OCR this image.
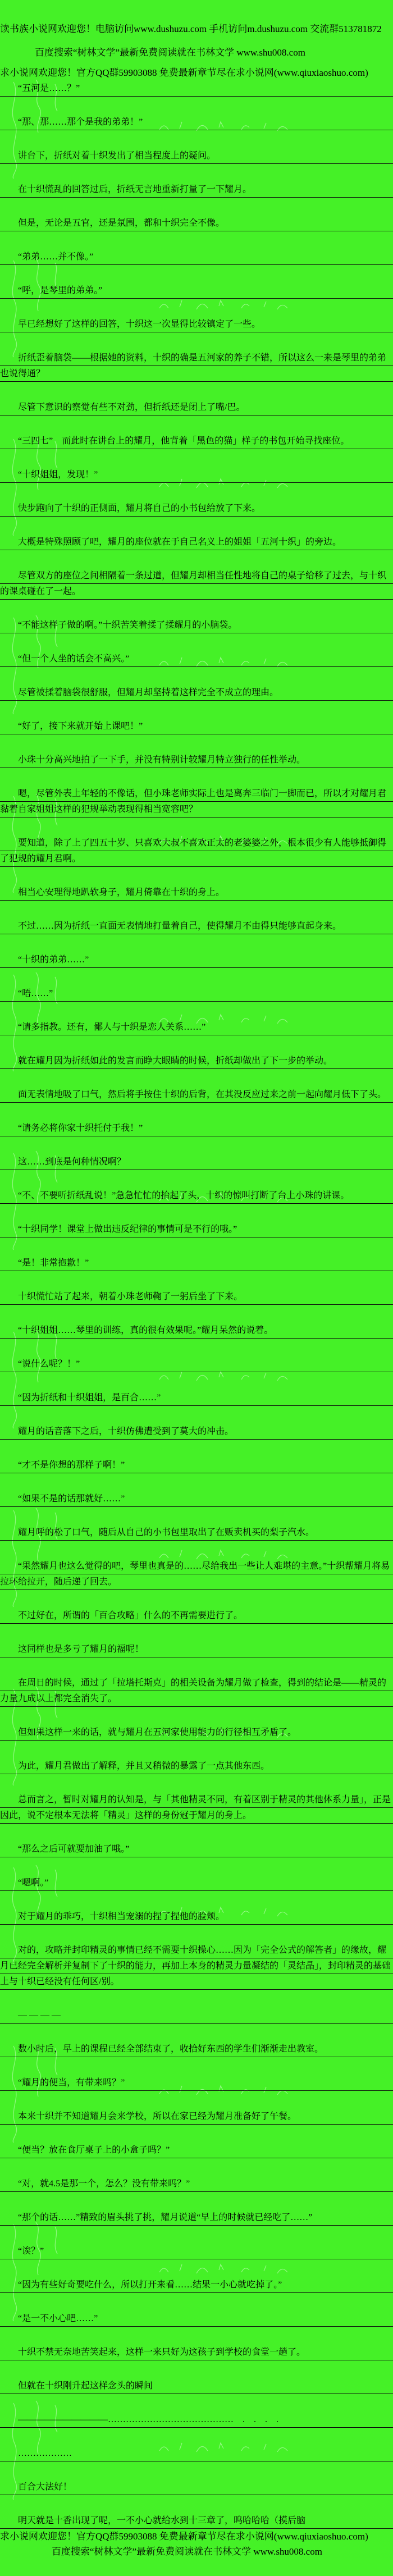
读书族小说网欢迎您！电脑访问www.dushuzu.com 手机访问m.dushuzu.com 交流群513781872
百度搜索“树林文学”最新免费阅读就在书林文学 www.shu008.com
求小说网欢迎您！官方QQ群59903088 免费最新章节尽在求小说网(www.qiuxiaoshuo.com)

“五河是……？”

“那、那……那个是我的弟弟！”

讲台下，折纸对着十织发出了相当程度上的疑问。

在十织慌乱的回答过后，折纸无言地重新打量了一下耀月。

但是，无论是五官，还是氛围，都和十织完全不像。

“弟弟……并不像。”

“呼，是琴里的弟弟。”

早已经想好了这样的回答，十织这一次显得比较镇定了一些。

折纸歪着脑袋——根据她的资料，十织的确是五河家的养子不错，所以这么一来是琴里的弟弟也说得通？

尽管下意识的察觉有些不对劲，但折纸还是闭上了嘴/巴。

“三四七”　而此时在讲台上的耀月，他背着「黑色的猫」样子的书包开始寻找座位。

“十织姐姐，发现！”

快步跑向了十织的正侧面，耀月将自己的小书包给放了下来。

大概是特殊照顾了吧，耀月的座位就在于自己名义上的姐姐「五河十织」的旁边。

尽管双方的座位之间相隔着一条过道，但耀月却相当任性地将自己的桌子给移了过去，与十织的课桌碰在了一起。

“不能这样子做的啊。”十织苦笑着揉了揉耀月的小脑袋。

“但一个人坐的话会不高兴。”

尽管被揉着脑袋很舒服，但耀月却坚持着这样完全不成立的理由。

“好了，接下来就开始上课吧！”

小珠十分高兴地拍了一下手，并没有特别计较耀月特立独行的任性举动。

嗯，尽管外表上年轻的不像话，但小珠老师实际上也是离奔三临门一脚而已，所以才对耀月君黏着自家姐姐这样的犯规举动表现得相当宽容吧？

要知道，除了上了四五十岁、只喜欢大叔不喜欢正太的老婆婆之外，根本很少有人能够抵御得了犯规的耀月君啊。

相当心安理得地趴软身子，耀月倚靠在十织的身上。

不过……因为折纸一直面无表情地打量着自己，使得耀月不由得只能够直起身来。

“十织的弟弟……”

“唔……”

“请多指教。还有，鄙人与十织是恋人关系……”

就在耀月因为折纸如此的发言而睁大眼睛的时候，折纸却做出了下一步的举动。

面无表情地吸了口气，然后将手按住十织的后背，在其没反应过来之前一起向耀月低下了头。

“请务必将你家十织托付于我！”

这……到底是何种情况啊？

“不、不要听折纸乱说！”急急忙忙的抬起了头，十织的惊叫打断了台上小珠的讲课。

“十织同学！课堂上做出违反纪律的事情可是不行的哦。”

“是！非常抱歉！”

十织慌忙站了起来，朝着小珠老师鞠了一躬后坐了下来。

“十织姐姐……琴里的训练，真的很有效果呢。”耀月呆然的说着。

“说什么呢？！”

“因为折纸和十织姐姐，是百合……”

耀月的话音落下之后，十织仿佛遭受到了莫大的冲击。

“才不是你想的那样子啊！”

“如果不是的话那就好……”

耀月呼的松了口气，随后从自己的小书包里取出了在贩卖机买的梨子汽水。

“果然耀月也这么觉得的吧，琴里也真是的……尽给我出一些让人难堪的主意。”十织帮耀月将易拉环给拉开，随后递了回去。

不过好在，所谓的「百合攻略」什么的不再需要进行了。

这同样也是多亏了耀月的福呢！

在周日的时候，通过了「拉塔托斯克」的相关设备为耀月做了检查，得到的结论是——精灵的力量九成以上都完全消失了。

但如果这样一来的话，就与耀月在五河家使用能力的行径相互矛盾了。

为此，耀月君做出了解释，并且又稍微的暴露了一点其他东西。

总而言之，暂时对耀月的认知是，与「其他精灵不同，有着区别于精灵的其他体系力量」，正是因此，说不定根本无法将「精灵」这样的身份冠于耀月的身上。

“那么之后可就要加油了哦。”

“嗯啊。”

对于耀月的乖巧，十织相当宠溺的捏了捏他的脸颊。

对的，攻略并封印精灵的事情已经不需要十织操心……因为「完全公式的解答者」的缘故，耀月已经完全解析并复制下了十织的能力，再加上本身的精灵力量凝结的「灵结晶」，封印精灵的基础上与十织已经没有任何区/别。

— — — —

数小时后，早上的课程已经全部结束了，收拾好东西的学生们渐渐走出教室。

“耀月的便当，有带来吗？”

本来十织并不知道耀月会来学校，所以在家已经为耀月准备好了午餐。

“便当？放在食厅桌子上的小盒子吗？”

“对，就4.5是那一个，怎么？没有带来吗？”

“那个的话……”精致的眉头挑了挑，耀月说道“早上的时候就已经吃了……”

“诶？”

“因为有些好奇要吃什么，所以打开来看……结果一小心就吃掉了。”

“是一不小心吧……”

十织不禁无奈地苦笑起来，这样一来只好为这孩子到学校的食堂一趟了。

但就在十织刚升起这样念头的瞬间

——————————……………………………………　.　.　.　.

………………

百合大法好！

明天就是十香出现了呢，一不小心就给水到十三章了，呜哈哈哈（摸后脑

求小说网欢迎您！官方QQ群59903088 免费最新章节尽在求小说网(www.qiuxiaoshuo.com)
百度搜索“树林文学”最新免费阅读就在书林文学 www.shu008.com
